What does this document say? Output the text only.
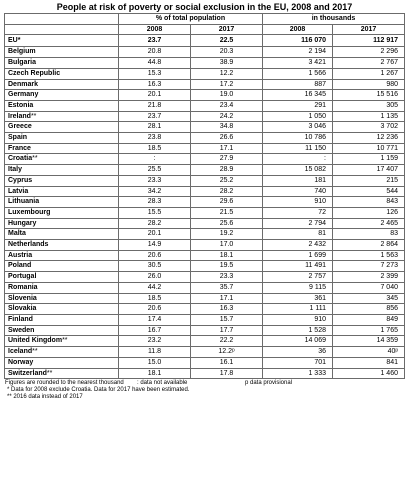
People at risk of poverty or social exclusion in the EU, 2008 and 2017
	% of total population		in thousands	
	2008	2017	2008	2017
EU*	23.7	22.5	116 070	112 917
Belgium	20.8	20.3	2 194	2 296
Bulgaria	44.8	38.9	3 421	2 767
Czech Republic	15.3	12.2	1 566	1 267
Denmark	16.3	17.2	887	980
Germany	20.1	19.0	16 345	15 516
Estonia	21.8	23.4	291	305
Ireland**	23.7	24.2	1 050	1 135
Greece	28.1	34.8	3 046	3 702
Spain	23.8	26.6	10 786	12 236
France	18.5	17.1	11 150	10 771
Croatia**	:	27.9	:	1 159
Italy	25.5	28.9	15 082	17 407
Cyprus	23.3	25.2	181	215
Latvia	34.2	28.2	740	544
Lithuania	28.3	29.6	910	843
Luxembourg	15.5	21.5	72	126
Hungary	28.2	25.6	2 794	2 465
Malta	20.1	19.2	81	83
Netherlands	14.9	17.0	2 432	2 864
Austria	20.6	18.1	1 699	1 563
Poland	30.5	19.5	11 491	7 273
Portugal	26.0	23.3	2 757	2 399
Romania	44.2	35.7	9 115	7 040
Slovenia	18.5	17.1	361	345
Slovakia	20.6	16.3	1 111	856
Finland	17.4	15.7	910	849
Sweden	16.7	17.7	1 528	1 765
United Kingdom**	23.2	22.2	14 069	14 359
Iceland**	11.8	12.2ᵖ	36	40ᵖ
Norway	15.0	16.1	701	841
Switzerland**	18.1	17.8	1 333	1 460
Figures are rounded to the nearest thousand	: data not available	p data provisional
* Data for 2008 exclude Croatia. Data for 2017 have been estimated.
** 2016 data instead of 2017
